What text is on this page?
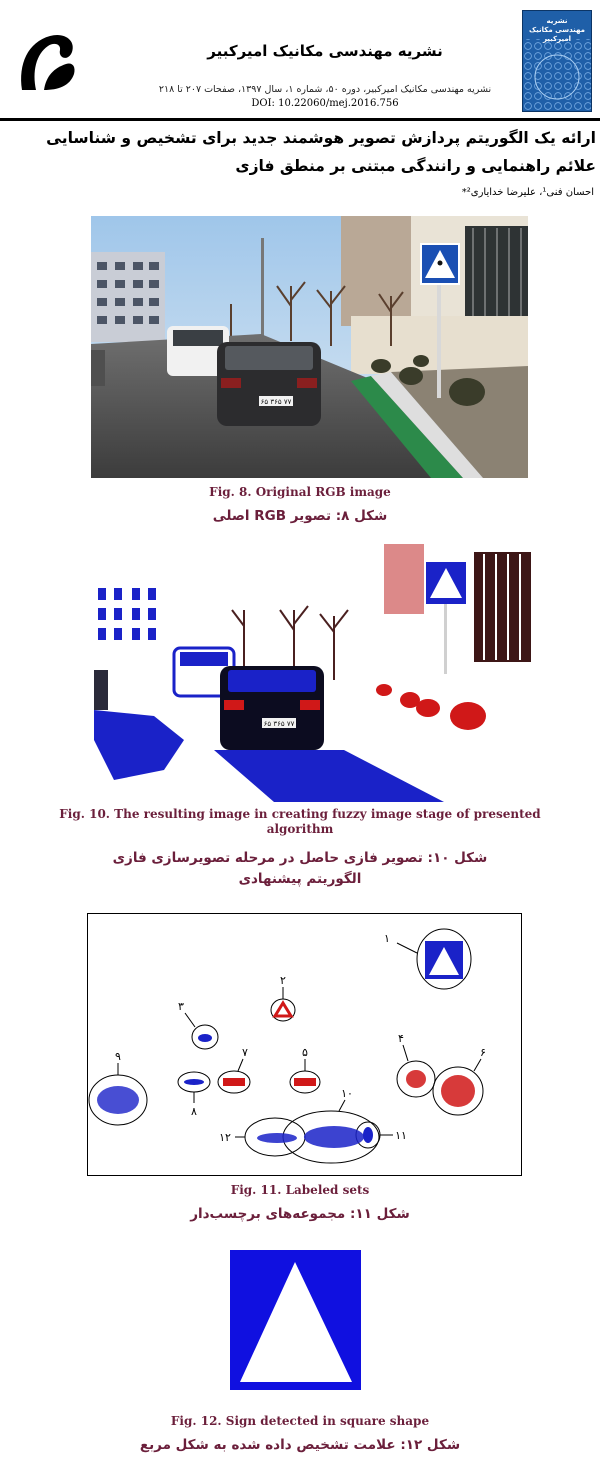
نشریه مهندسی مکانیک امیرکبیر
نشریه مهندسی مکانیک امیرکبیر، دوره ۵۰، شماره ۱، سال ۱۳۹۷، صفحات ۲۰۷ تا ۲۱۸
DOI: 10.22060/mej.2016.756
نشریه
مهندسی مکانیک
امیرکبیر
ارائه یک الگوریتم پردازش تصویر هوشمند جدید برای تشخیص و شناسایی علائم راهنمایی و رانندگی مبتنی بر منطق فازی
احسان فنی¹، علیرضا خدایاری²*
۶۵ ۳۶۵ ۷۷
Fig. 8. Original RGB image
شکل ۸: تصویر RGB اصلی
۶۵ ۳۶۵ ۷۷
Fig. 10. The resulting image in creating fuzzy image stage of presented algorithm
شکل ۱۰: تصویر فازی حاصل در مرحله تصویرسازی فازی الگوریتم پیشنهادی
۱
۲
۳
۴
۵	۶
۷
۸
۹
۱۰
۱۱
۱۲
Fig. 11. Labeled sets
شکل ۱۱: مجموعه‌های برچسب‌دار
Fig. 12. Sign detected in square shape
شکل ۱۲: علامت تشخیص داده شده به شکل مربع
